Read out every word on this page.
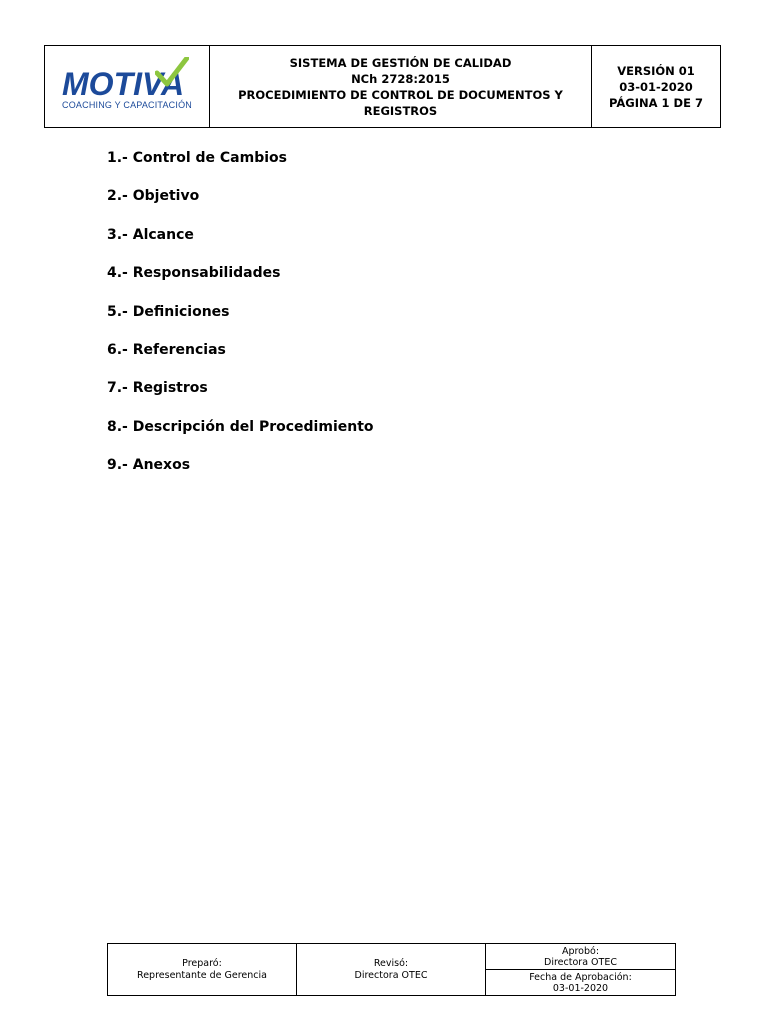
MOTIVA
COACHING Y CAPACITACIÓN
SISTEMA DE GESTIÓN DE CALIDAD
NCh 2728:2015
PROCEDIMIENTO DE CONTROL DE DOCUMENTOS Y REGISTROS
VERSIÓN 01
03-01-2020
PÁGINA 1 DE 7
1.- Control de Cambios
2.- Objetivo
3.- Alcance
4.- Responsabilidades
5.- Definiciones
6.- Referencias
7.- Registros
8.- Descripción del Procedimiento
9.- Anexos
Preparó:
Representante de Gerencia
Revisó:
Directora OTEC
Aprobó:
Directora OTEC
Fecha de Aprobación:
03-01-2020
